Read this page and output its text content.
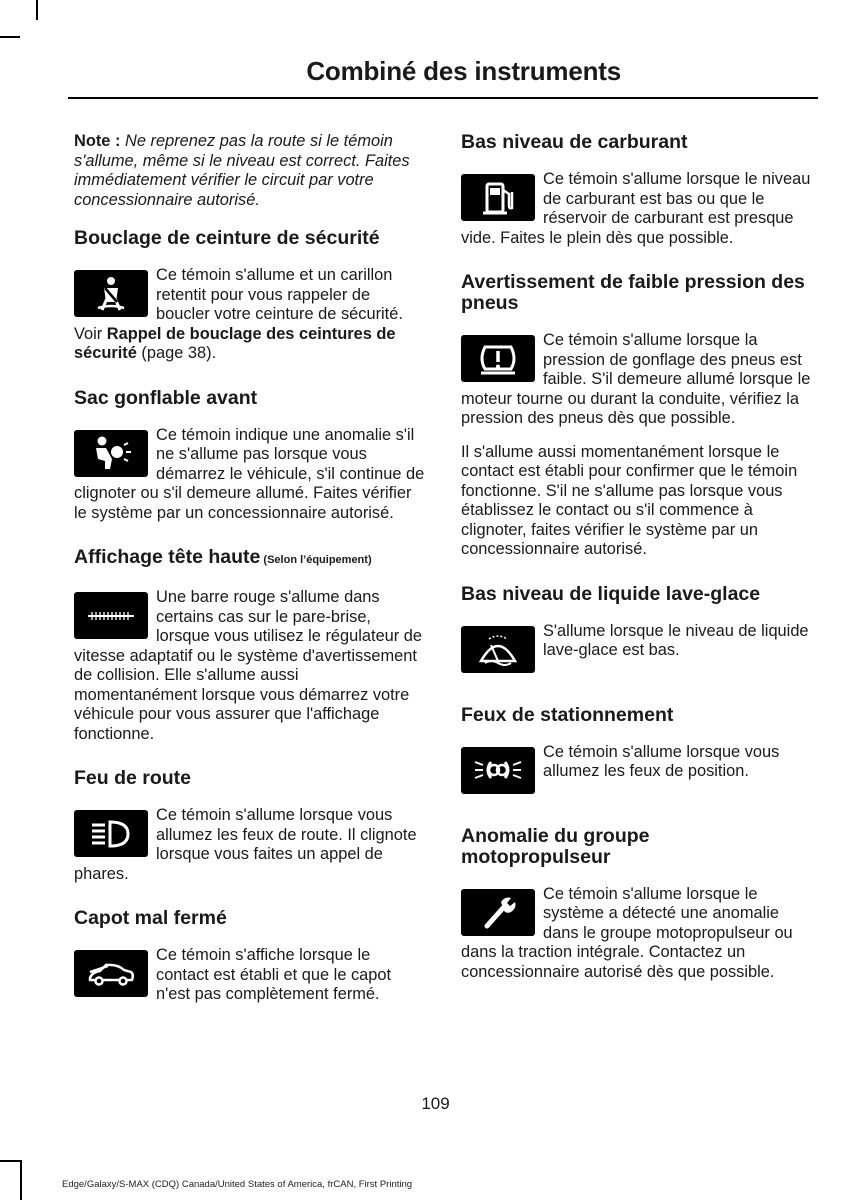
Combiné des instruments

Note : Ne reprenez pas la route si le témoin s'allume, même si le niveau est correct. Faites immédiatement vérifier le circuit par votre concessionnaire autorisé.

Bouclage de ceinture de sécurité

Ce témoin s'allume et un carillon retentit pour vous rappeler de boucler votre ceinture de sécurité. Voir Rappel de bouclage des ceintures de sécurité (page 38).

Sac gonflable avant

Ce témoin indique une anomalie s'il ne s'allume pas lorsque vous démarrez le véhicule, s'il continue de clignoter ou s'il demeure allumé. Faites vérifier le système par un concessionnaire autorisé.

Affichage tête haute (Selon l’équipement)

Une barre rouge s'allume dans certains cas sur le pare-brise, lorsque vous utilisez le régulateur de vitesse adaptatif ou le système d'avertissement de collision. Elle s'allume aussi momentanément lorsque vous démarrez votre véhicule pour vous assurer que l'affichage fonctionne.

Feu de route

Ce témoin s'allume lorsque vous allumez les feux de route. Il clignote lorsque vous faites un appel de phares.

Capot mal fermé

Ce témoin s'affiche lorsque le contact est établi et que le capot n'est pas complètement fermé.

Bas niveau de carburant

Ce témoin s'allume lorsque le niveau de carburant est bas ou que le réservoir de carburant est presque vide. Faites le plein dès que possible.

Avertissement de faible pression des pneus

Ce témoin s'allume lorsque la pression de gonflage des pneus est faible. S'il demeure allumé lorsque le moteur tourne ou durant la conduite, vérifiez la pression des pneus dès que possible.

Il s'allume aussi momentanément lorsque le contact est établi pour confirmer que le témoin fonctionne. S'il ne s'allume pas lorsque vous établissez le contact ou s'il commence à clignoter, faites vérifier le système par un concessionnaire autorisé.

Bas niveau de liquide lave-glace

S'allume lorsque le niveau de liquide lave-glace est bas.

Feux de stationnement

Ce témoin s'allume lorsque vous allumez les feux de position.

Anomalie du groupe motopropulseur

Ce témoin s'allume lorsque le système a détecté une anomalie dans le groupe motopropulseur ou dans la traction intégrale. Contactez un concessionnaire autorisé dès que possible.

109
Edge/Galaxy/S-MAX (CDQ) Canada/United States of America, frCAN, First Printing
